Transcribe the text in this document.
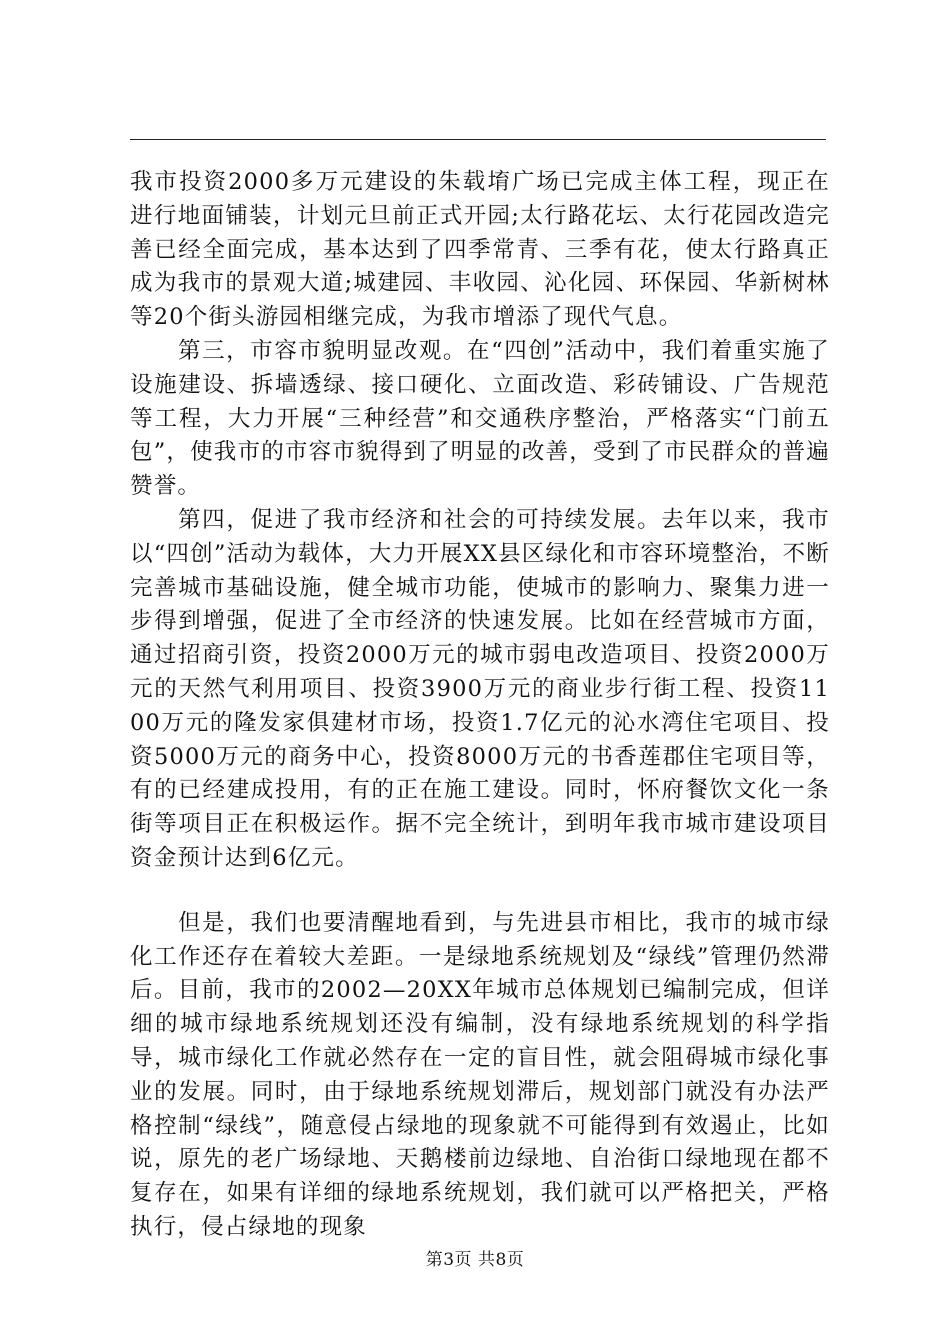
我市投资2000多万元建设的朱载堉广场已完成主体工程，现正在进行地面铺装，计划元旦前正式开园;太行路花坛、太行花园改造完善已经全面完成，基本达到了四季常青、三季有花，使太行路真正成为我市的景观大道;城建园、丰收园、沁化园、环保园、华新树林等20个街头游园相继完成，为我市增添了现代气息。

第三，市容市貌明显改观。在“四创”活动中，我们着重实施了设施建设、拆墙透绿、接口硬化、立面改造、彩砖铺设、广告规范等工程，大力开展“三种经营”和交通秩序整治，严格落实“门前五包”，使我市的市容市貌得到了明显的改善，受到了市民群众的普遍赞誉。

第四，促进了我市经济和社会的可持续发展。去年以来，我市以“四创”活动为载体，大力开展XX县区绿化和市容环境整治，不断完善城市基础设施，健全城市功能，使城市的影响力、聚集力进一步得到增强，促进了全市经济的快速发展。比如在经营城市方面，通过招商引资，投资2000万元的城市弱电改造项目、投资2000万元的天然气利用项目、投资3900万元的商业步行街工程、投资1100万元的隆发家俱建材市场，投资1.7亿元的沁水湾住宅项目、投资5000万元的商务中心，投资8000万元的书香莲郡住宅项目等，有的已经建成投用，有的正在施工建设。同时，怀府餐饮文化一条街等项目正在积极运作。据不完全统计，到明年我市城市建设项目资金预计达到6亿元。

但是，我们也要清醒地看到，与先进县市相比，我市的城市绿化工作还存在着较大差距。一是绿地系统规划及“绿线”管理仍然滞后。目前，我市的2002—20XX年城市总体规划已编制完成，但详细的城市绿地系统规划还没有编制，没有绿地系统规划的科学指导，城市绿化工作就必然存在一定的盲目性，就会阻碍城市绿化事业的发展。同时，由于绿地系统规划滞后，规划部门就没有办法严格控制“绿线”，随意侵占绿地的现象就不可能得到有效遏止，比如说，原先的老广场绿地、天鹅楼前边绿地、自治街口绿地现在都不复存在，如果有详细的绿地系统规划，我们就可以严格把关，严格执行，侵占绿地的现象

第3页 共8页
